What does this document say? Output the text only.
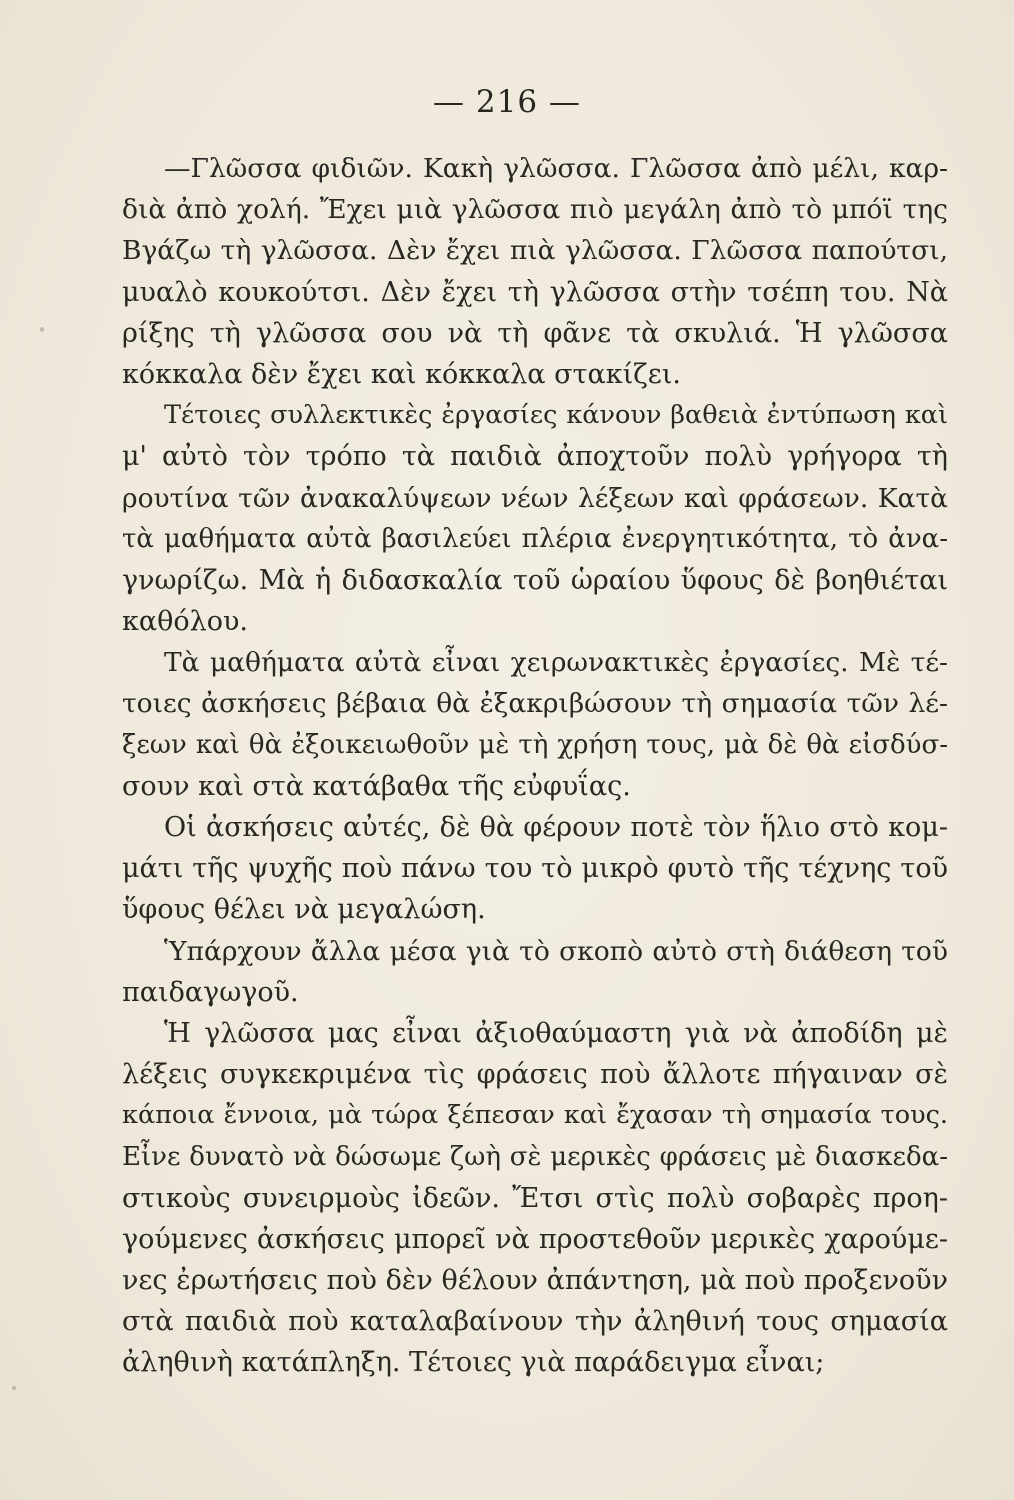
— 216 —
—Γλῶσσα φιδιῶν. Κακὴ γλῶσσα. Γλῶσσα ἀπὸ μέλι, καρ-
διὰ ἀπὸ χολή. Ἔχει μιὰ γλῶσσα πιὸ μεγάλη ἀπὸ τὸ μπόϊ της
Βγάζω τὴ γλῶσσα. Δὲν ἔχει πιὰ γλῶσσα. Γλῶσσα παπούτσι,
μυαλὸ κουκούτσι. Δὲν ἔχει τὴ γλῶσσα στὴν τσέπη του. Νὰ
ρίξης τὴ γλῶσσα σου νὰ τὴ φᾶνε τὰ σκυλιά. Ἡ γλῶσσα
κόκκαλα δὲν ἔχει καὶ κόκκαλα στακίζει.
Τέτοιες συλλεκτικὲς ἐργασίες κάνουν βαθειὰ ἐντύπωση καὶ
μ' αὐτὸ τὸν τρόπο τὰ παιδιὰ ἀποχτοῦν πολὺ γρήγορα τὴ
ρουτίνα τῶν ἀνακαλύψεων νέων λέξεων καὶ φράσεων. Κατὰ
τὰ μαθήματα αὐτὰ βασιλεύει πλέρια ἐνεργητικότητα, τὸ ἀνα-
γνωρίζω. Μὰ ἡ διδασκαλία τοῦ ὡραίου ὕφους δὲ βοηθιέται
καθόλου.
Τὰ μαθήματα αὐτὰ εἶναι χειρωνακτικὲς ἐργασίες. Μὲ τέ-
τοιες ἀσκήσεις βέβαια θὰ ἐξακριβώσουν τὴ σημασία τῶν λέ-
ξεων καὶ θὰ ἐξοικειωθοῦν μὲ τὴ χρήση τους, μὰ δὲ θὰ εἰσδύσ-
σουν καὶ στὰ κατάβαθα τῆς εὐφυΐας.
Οἱ ἀσκήσεις αὐτές, δὲ θὰ φέρουν ποτὲ τὸν ἥλιο στὸ κομ-
μάτι τῆς ψυχῆς ποὺ πάνω του τὸ μικρὸ φυτὸ τῆς τέχνης τοῦ
ὕφους θέλει νὰ μεγαλώση.
Ὑπάρχουν ἄλλα μέσα γιὰ τὸ σκοπὸ αὐτὸ στὴ διάθεση τοῦ
παιδαγωγοῦ.
Ἡ γλῶσσα μας εἶναι ἀξιοθαύμαστη γιὰ νὰ ἀποδίδη μὲ
λέξεις συγκεκριμένα τὶς φράσεις ποὺ ἄλλοτε πήγαιναν σὲ
κάποια ἔννοια, μὰ τώρα ξέπεσαν καὶ ἔχασαν τὴ σημασία τους.
Εἶνε δυνατὸ νὰ δώσωμε ζωὴ σὲ μερικὲς φράσεις μὲ διασκεδα-
στικοὺς συνειρμοὺς ἰδεῶν. Ἔτσι στὶς πολὺ σοβαρὲς προη-
γούμενες ἀσκήσεις μπορεῖ νὰ προστεθοῦν μερικὲς χαρούμε-
νες ἐρωτήσεις ποὺ δὲν θέλουν ἀπάντηση, μὰ ποὺ προξενοῦν
στὰ παιδιὰ ποὺ καταλαβαίνουν τὴν ἀληθινή τους σημασία
ἀληθινὴ κατάπληξη. Τέτοιες γιὰ παράδειγμα εἶναι;
